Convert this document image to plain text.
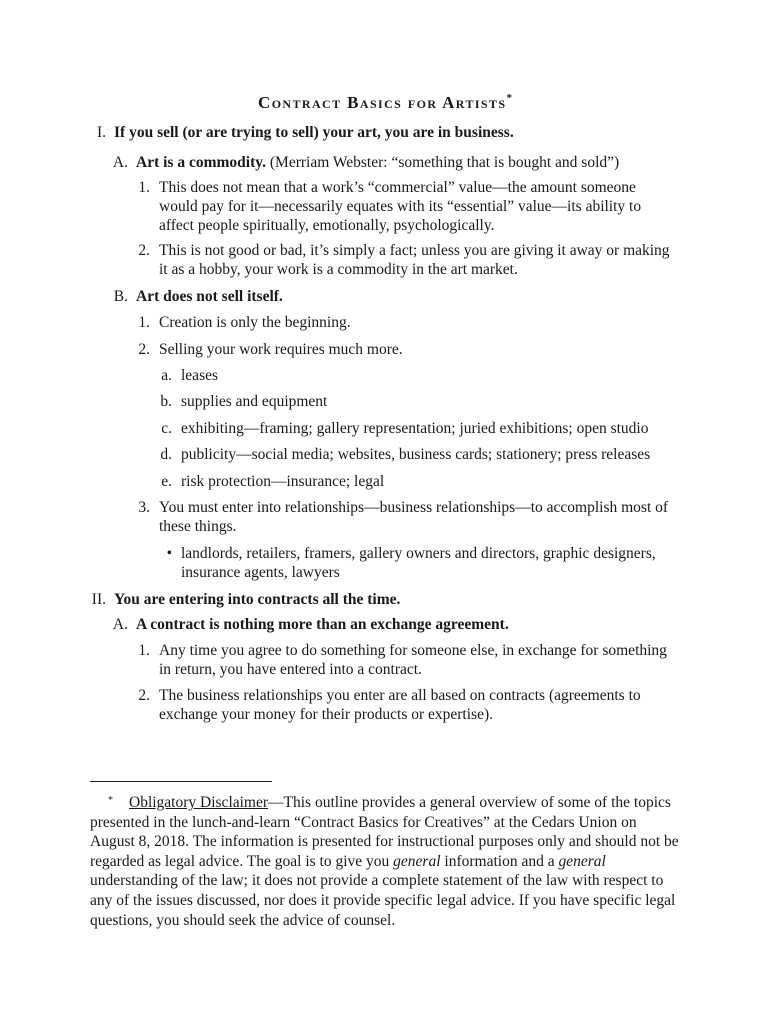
Contract Basics for Artists*
I. If you sell (or are trying to sell) your art, you are in business.
A. Art is a commodity. (Merriam Webster: “something that is bought and sold”)
1. This does not mean that a work’s “commercial” value—the amount someone would pay for it—necessarily equates with its “essential” value—its ability to affect people spiritually, emotionally, psychologically.
2. This is not good or bad, it’s simply a fact; unless you are giving it away or making it as a hobby, your work is a commodity in the art market.
B. Art does not sell itself.
1. Creation is only the beginning.
2. Selling your work requires much more.
a. leases
b. supplies and equipment
c. exhibiting—framing; gallery representation; juried exhibitions; open studio
d. publicity—social media; websites, business cards; stationery; press releases
e. risk protection—insurance; legal
3. You must enter into relationships—business relationships—to accomplish most of these things.
• landlords, retailers, framers, gallery owners and directors, graphic designers, insurance agents, lawyers
II. You are entering into contracts all the time.
A. A contract is nothing more than an exchange agreement.
1. Any time you agree to do something for someone else, in exchange for something in return, you have entered into a contract.
2. The business relationships you enter are all based on contracts (agreements to exchange your money for their products or expertise).
* Obligatory Disclaimer—This outline provides a general overview of some of the topics presented in the lunch-and-learn “Contract Basics for Creatives” at the Cedars Union on August 8, 2018. The information is presented for instructional purposes only and should not be regarded as legal advice. The goal is to give you general information and a general understanding of the law; it does not provide a complete statement of the law with respect to any of the issues discussed, nor does it provide specific legal advice. If you have specific legal questions, you should seek the advice of counsel.
